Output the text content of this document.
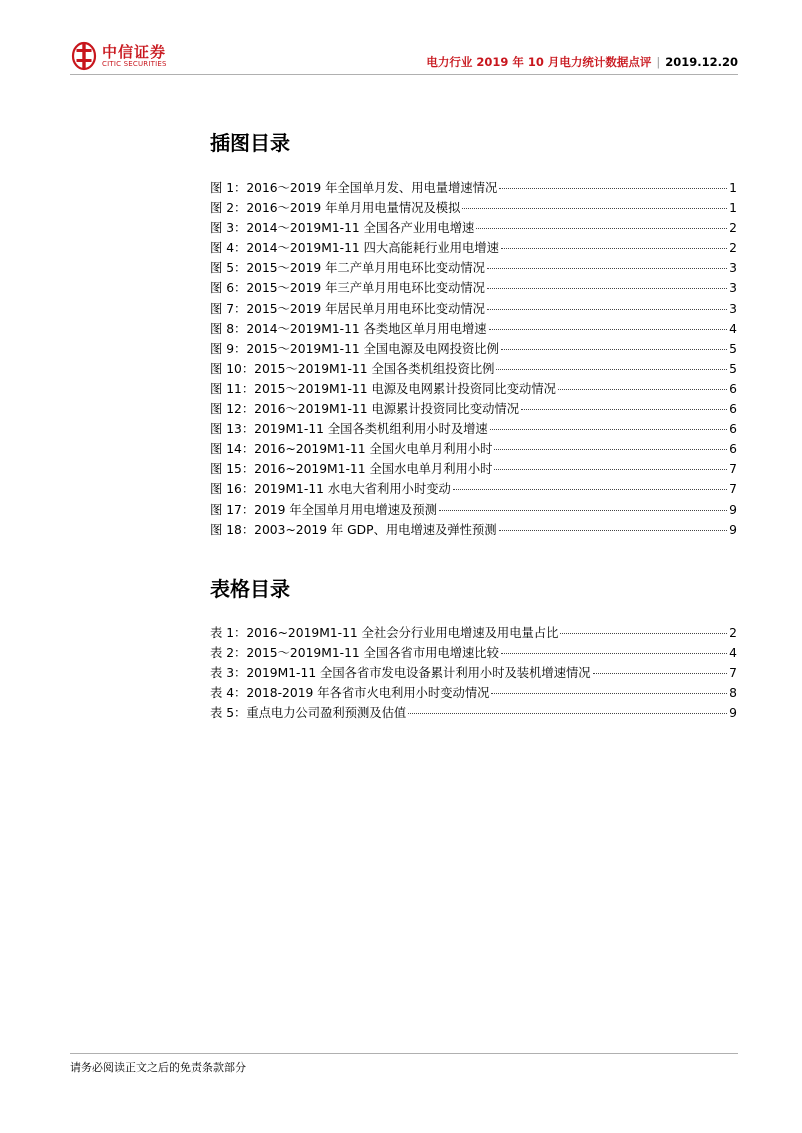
中信证券
CITIC SECURITIES	电力行业 2019 年 10 月电力统计数据点评 | 2019.12.20
插图目录
图 1：2016～2019 年全国单月发、用电量增速情况	1
图 2：2016～2019 年单月用电量情况及模拟	1
图 3：2014～2019M1-11 全国各产业用电增速	2
图 4：2014～2019M1-11 四大高能耗行业用电增速	2
图 5：2015～2019 年二产单月用电环比变动情况	3
图 6：2015～2019 年三产单月用电环比变动情况	3
图 7：2015～2019 年居民单月用电环比变动情况	3
图 8：2014～2019M1-11 各类地区单月用电增速	4
图 9：2015～2019M1-11 全国电源及电网投资比例	5
图 10：2015～2019M1-11 全国各类机组投资比例	5
图 11：2015～2019M1-11 电源及电网累计投资同比变动情况	6
图 12：2016～2019M1-11 电源累计投资同比变动情况	6
图 13：2019M1-11 全国各类机组利用小时及增速	6
图 14：2016~2019M1-11 全国火电单月利用小时	6
图 15：2016~2019M1-11 全国水电单月利用小时	7
图 16：2019M1-11 水电大省利用小时变动	7
图 17：2019 年全国单月用电增速及预测	9
图 18：2003~2019 年 GDP、用电增速及弹性预测	9
表格目录
表 1：2016~2019M1-11 全社会分行业用电增速及用电量占比	2
表 2：2015～2019M1-11 全国各省市用电增速比较	4
表 3：2019M1-11 全国各省市发电设备累计利用小时及装机增速情况	7
表 4：2018-2019 年各省市火电利用小时变动情况	8
表 5：重点电力公司盈利预测及估值	9
请务必阅读正文之后的免责条款部分
